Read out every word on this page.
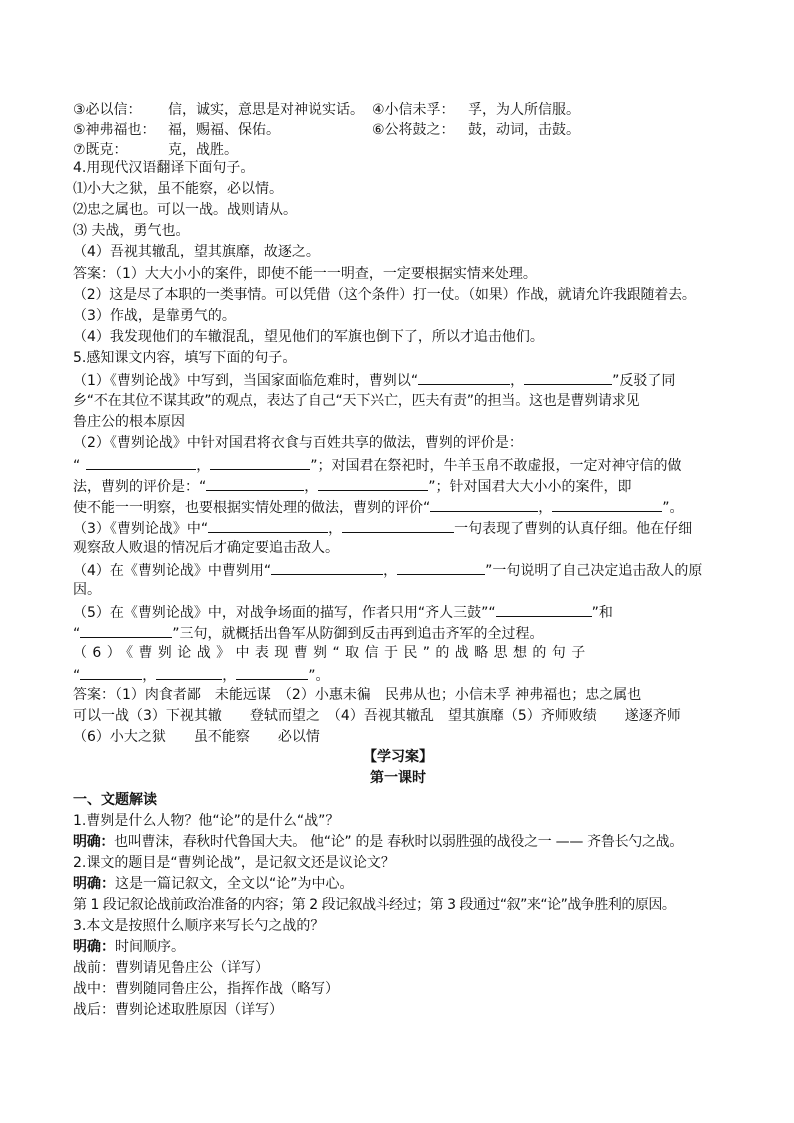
③必以信： 信，诚实，意思是对神说实话。 ④小信未孚： 孚，为人所信服。
⑤神弗福也： 福，赐福、保佑。	⑥公将鼓之： 鼓，动词，击鼓。
⑦既克：	克，战胜。
4.用现代汉语翻译下面句子。
⑴小大之狱，虽不能察，必以情。
⑵忠之属也。可以一战。战则请从。
⑶ 夫战，勇气也。
（4）吾视其辙乱，望其旗靡，故逐之。
答案：（1）大大小小的案件，即使不能一一明查，一定要根据实情来处理。
（2）这是尽了本职的一类事情。可以凭借（这个条件）打一仗。（如果）作战，就请允许我跟随着去。
（3）作战，是靠勇气的。
（4）我发现他们的车辙混乱，望见他们的军旗也倒下了，所以才追击他们。
5.感知课文内容，填写下面的句子。
（1）《曹刿论战》中写到，当国家面临危难时，曹刿以“	，	”反驳了同
乡“不在其位不谋其政”的观点，表达了自己“天下兴亡，匹夫有责”的担当。这也是曹刿请求见
鲁庄公的根本原因
（2）《曹刿论战》中针对国君将衣食与百姓共享的做法，曹刿的评价是：
“	，	”；对国君在祭祀时，牛羊玉帛不敢虚报，一定对神守信的做
法，曹刿的评价是：“	，	”；针对国君大大小小的案件，即
使不能一一明察，也要根据实情处理的做法，曹刿的评价“	，	”。
（3）《曹刿论战》中“	，	一句表现了曹刿的认真仔细。他在仔细
观察敌人败退的情况后才确定要追击敌人。
（4）在《曹刿论战》中曹刿用“	，	”一句说明了自己决定追击敌人的原
因。
（5）在《曹刿论战》中，对战争场面的描写，作者只用“齐人三鼓”“	”和
“	”三句，就概括出鲁军从防御到反击再到追击齐军的全过程。
（6）《曹刿论战》中表现曹刿“取信于民”的战略思想的句子
“	，	，	”。
答案：（1）肉食者鄙　未能远谋　（2）小惠未徧　民弗从也；小信未孚 神弗福也；忠之属也
可以一战（3）下视其辙　　登轼而望之　（4）吾视其辙乱　望其旗靡（5）齐师败绩　　遂逐齐师
（6）小大之狱　　虽不能察　　必以情
【学习案】
第一课时
一、文题解读
1.曹刿是什么人物？他“论”的是什么“战”？
明确：也叫曹沫，春秋时代鲁国大夫。 他“论” 的是 春秋时以弱胜强的战役之一 —— 齐鲁长勺之战。
2.课文的题目是“曹刿论战”，是记叙文还是议论文？
明确：这是一篇记叙文，全文以“论”为中心。
第 1 段记叙论战前政治准备的内容；第 2 段记叙战斗经过；第 3 段通过“叙”来“论”战争胜利的原因。
3.本文是按照什么顺序来写长勺之战的？
明确：时间顺序。
战前：曹刿请见鲁庄公（详写）
战中：曹刿随同鲁庄公，指挥作战（略写）
战后：曹刿论述取胜原因（详写）
